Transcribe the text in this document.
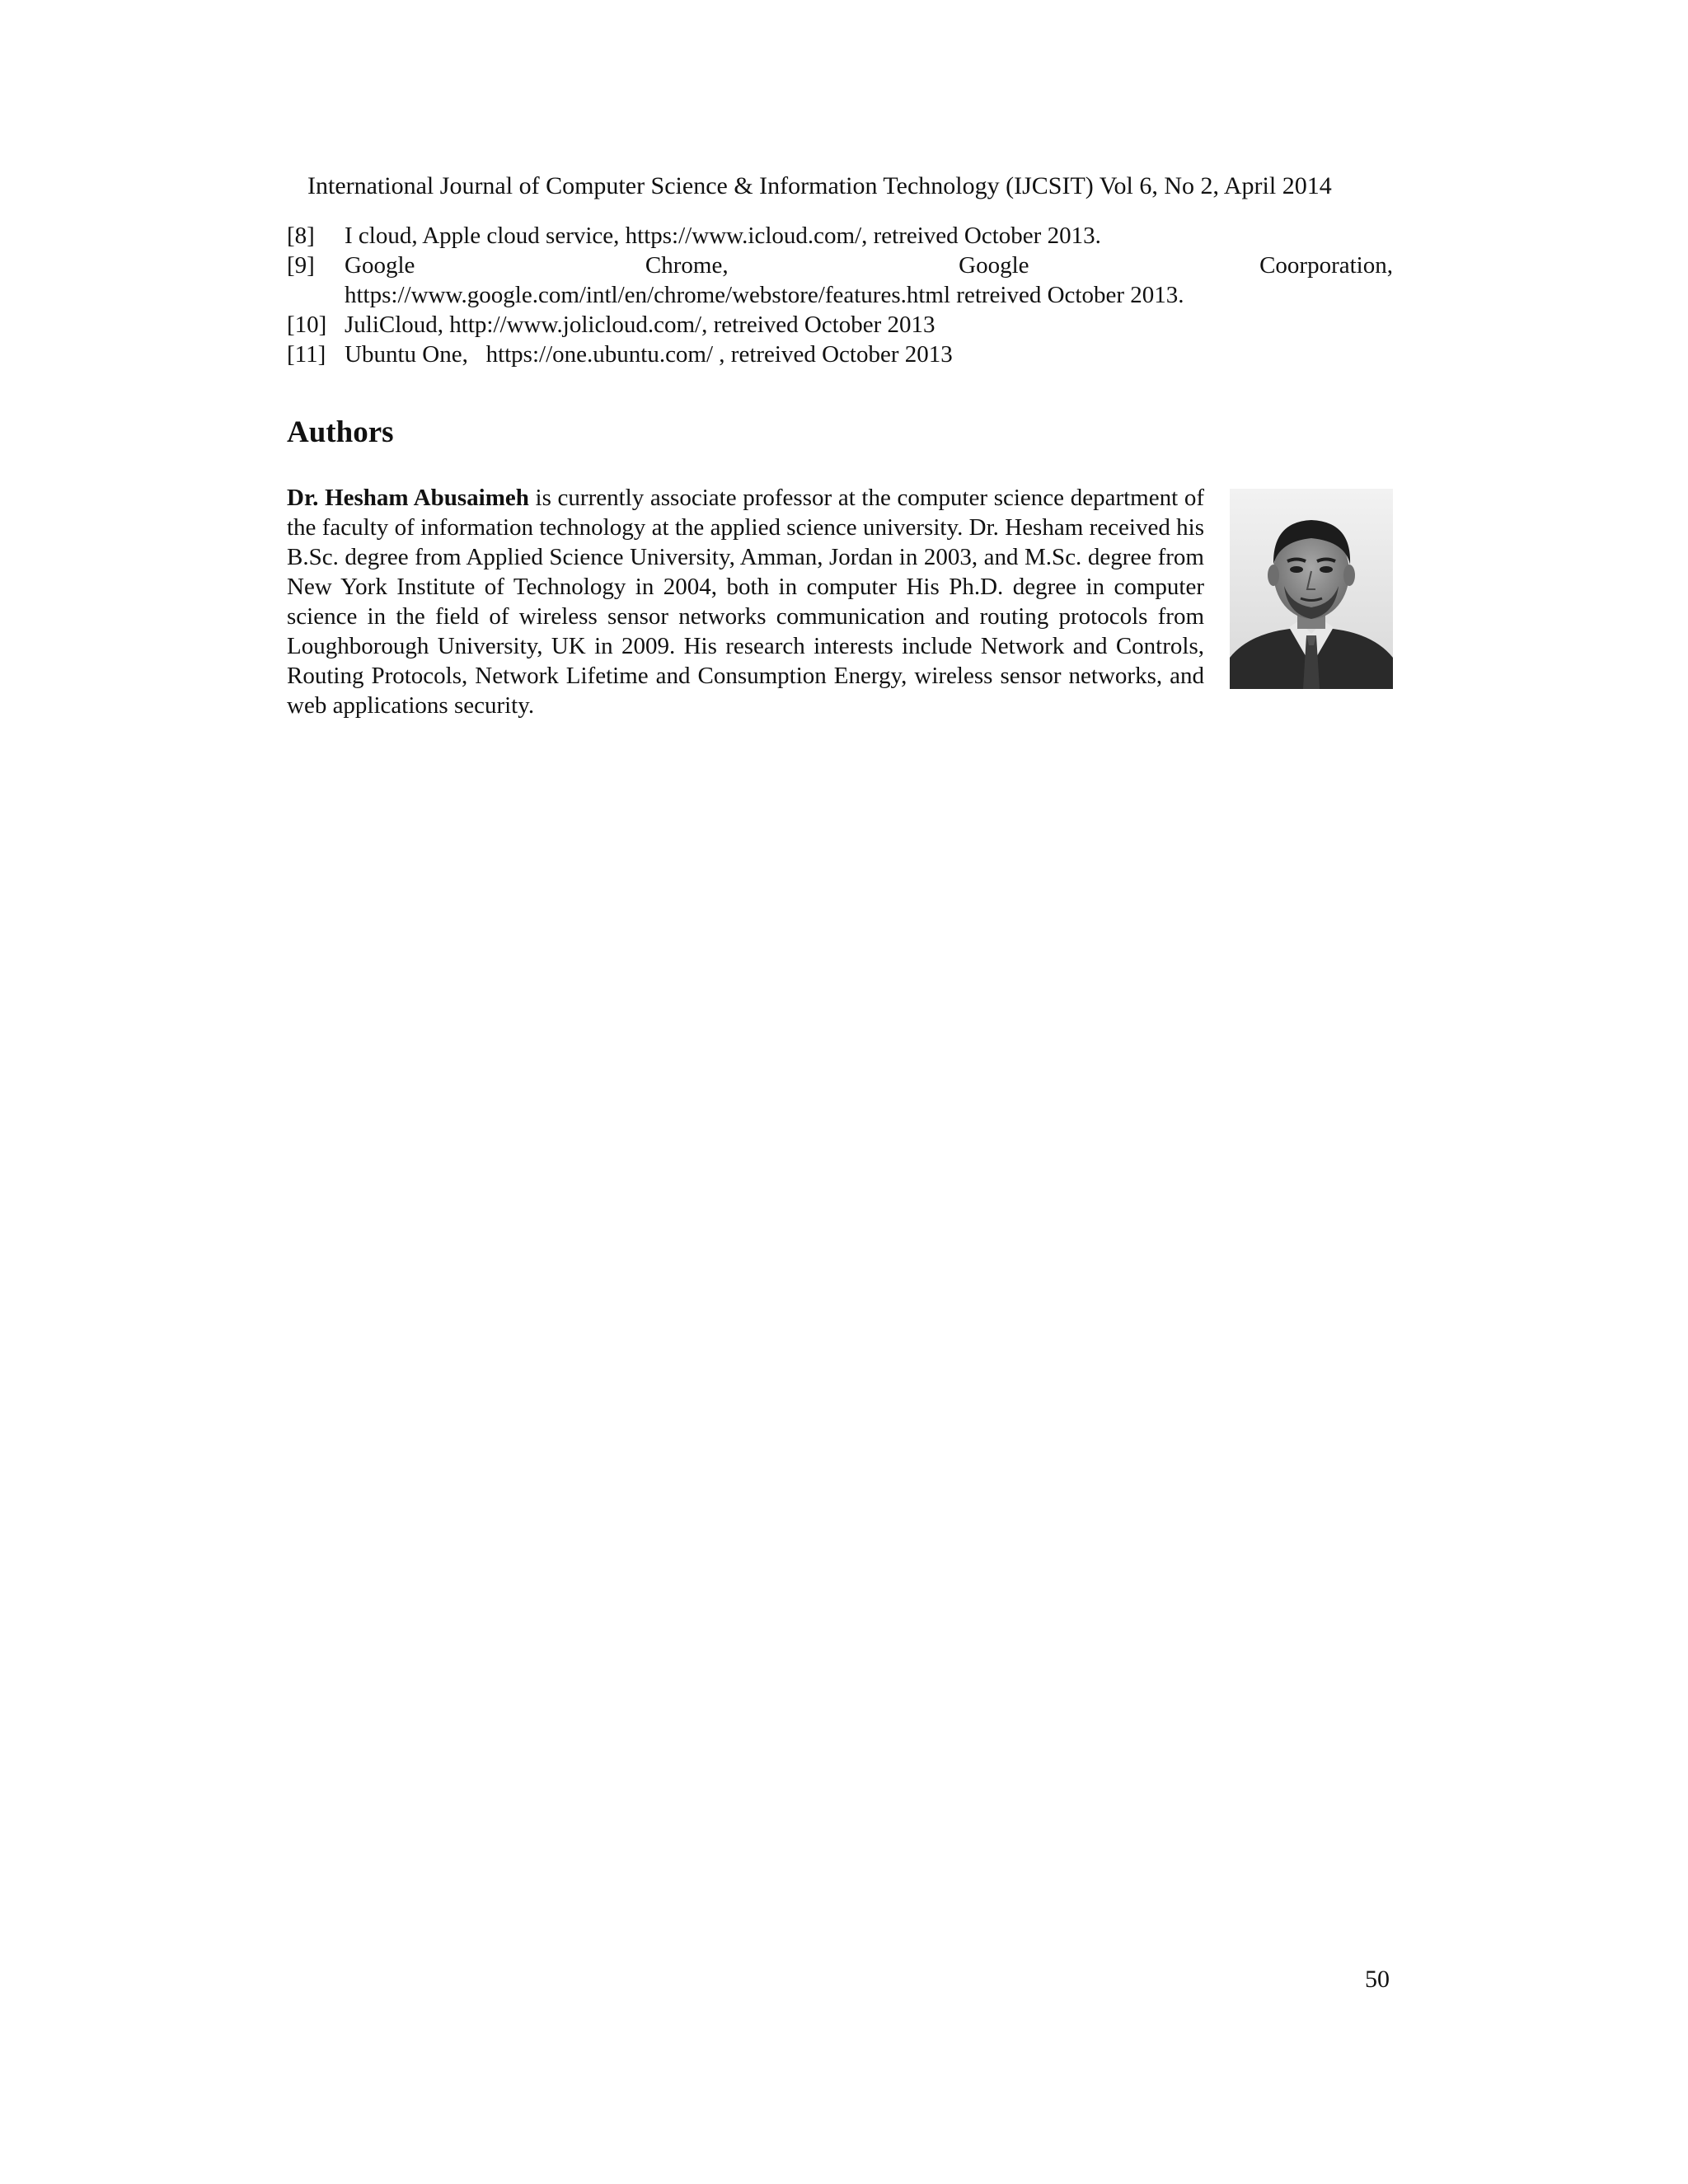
International Journal of Computer Science & Information Technology (IJCSIT) Vol 6, No 2, April 2014
[8]	I cloud, Apple cloud service, https://www.icloud.com/, retreived October 2013.
[9]	Google	Chrome,	Google	Coorporation,
https://www.google.com/intl/en/chrome/webstore/features.html retreived October 2013.
[10] JuliCloud, http://www.jolicloud.com/, retreived October 2013
[11] Ubuntu One,   https://one.ubuntu.com/ , retreived October 2013
Authors
Dr. Hesham Abusaimeh is currently associate professor at the computer science department of the faculty of information technology at the applied science university. Dr. Hesham received his B.Sc. degree from Applied Science University, Amman, Jordan in 2003, and M.Sc. degree from New York Institute of Technology in 2004, both in computer His Ph.D. degree in computer science in the field of wireless sensor networks communication and routing protocols from Loughborough University, UK in 2009. His research interests include Network and Controls, Routing Protocols, Network Lifetime and Consumption Energy, wireless sensor networks, and web applications security.
50
